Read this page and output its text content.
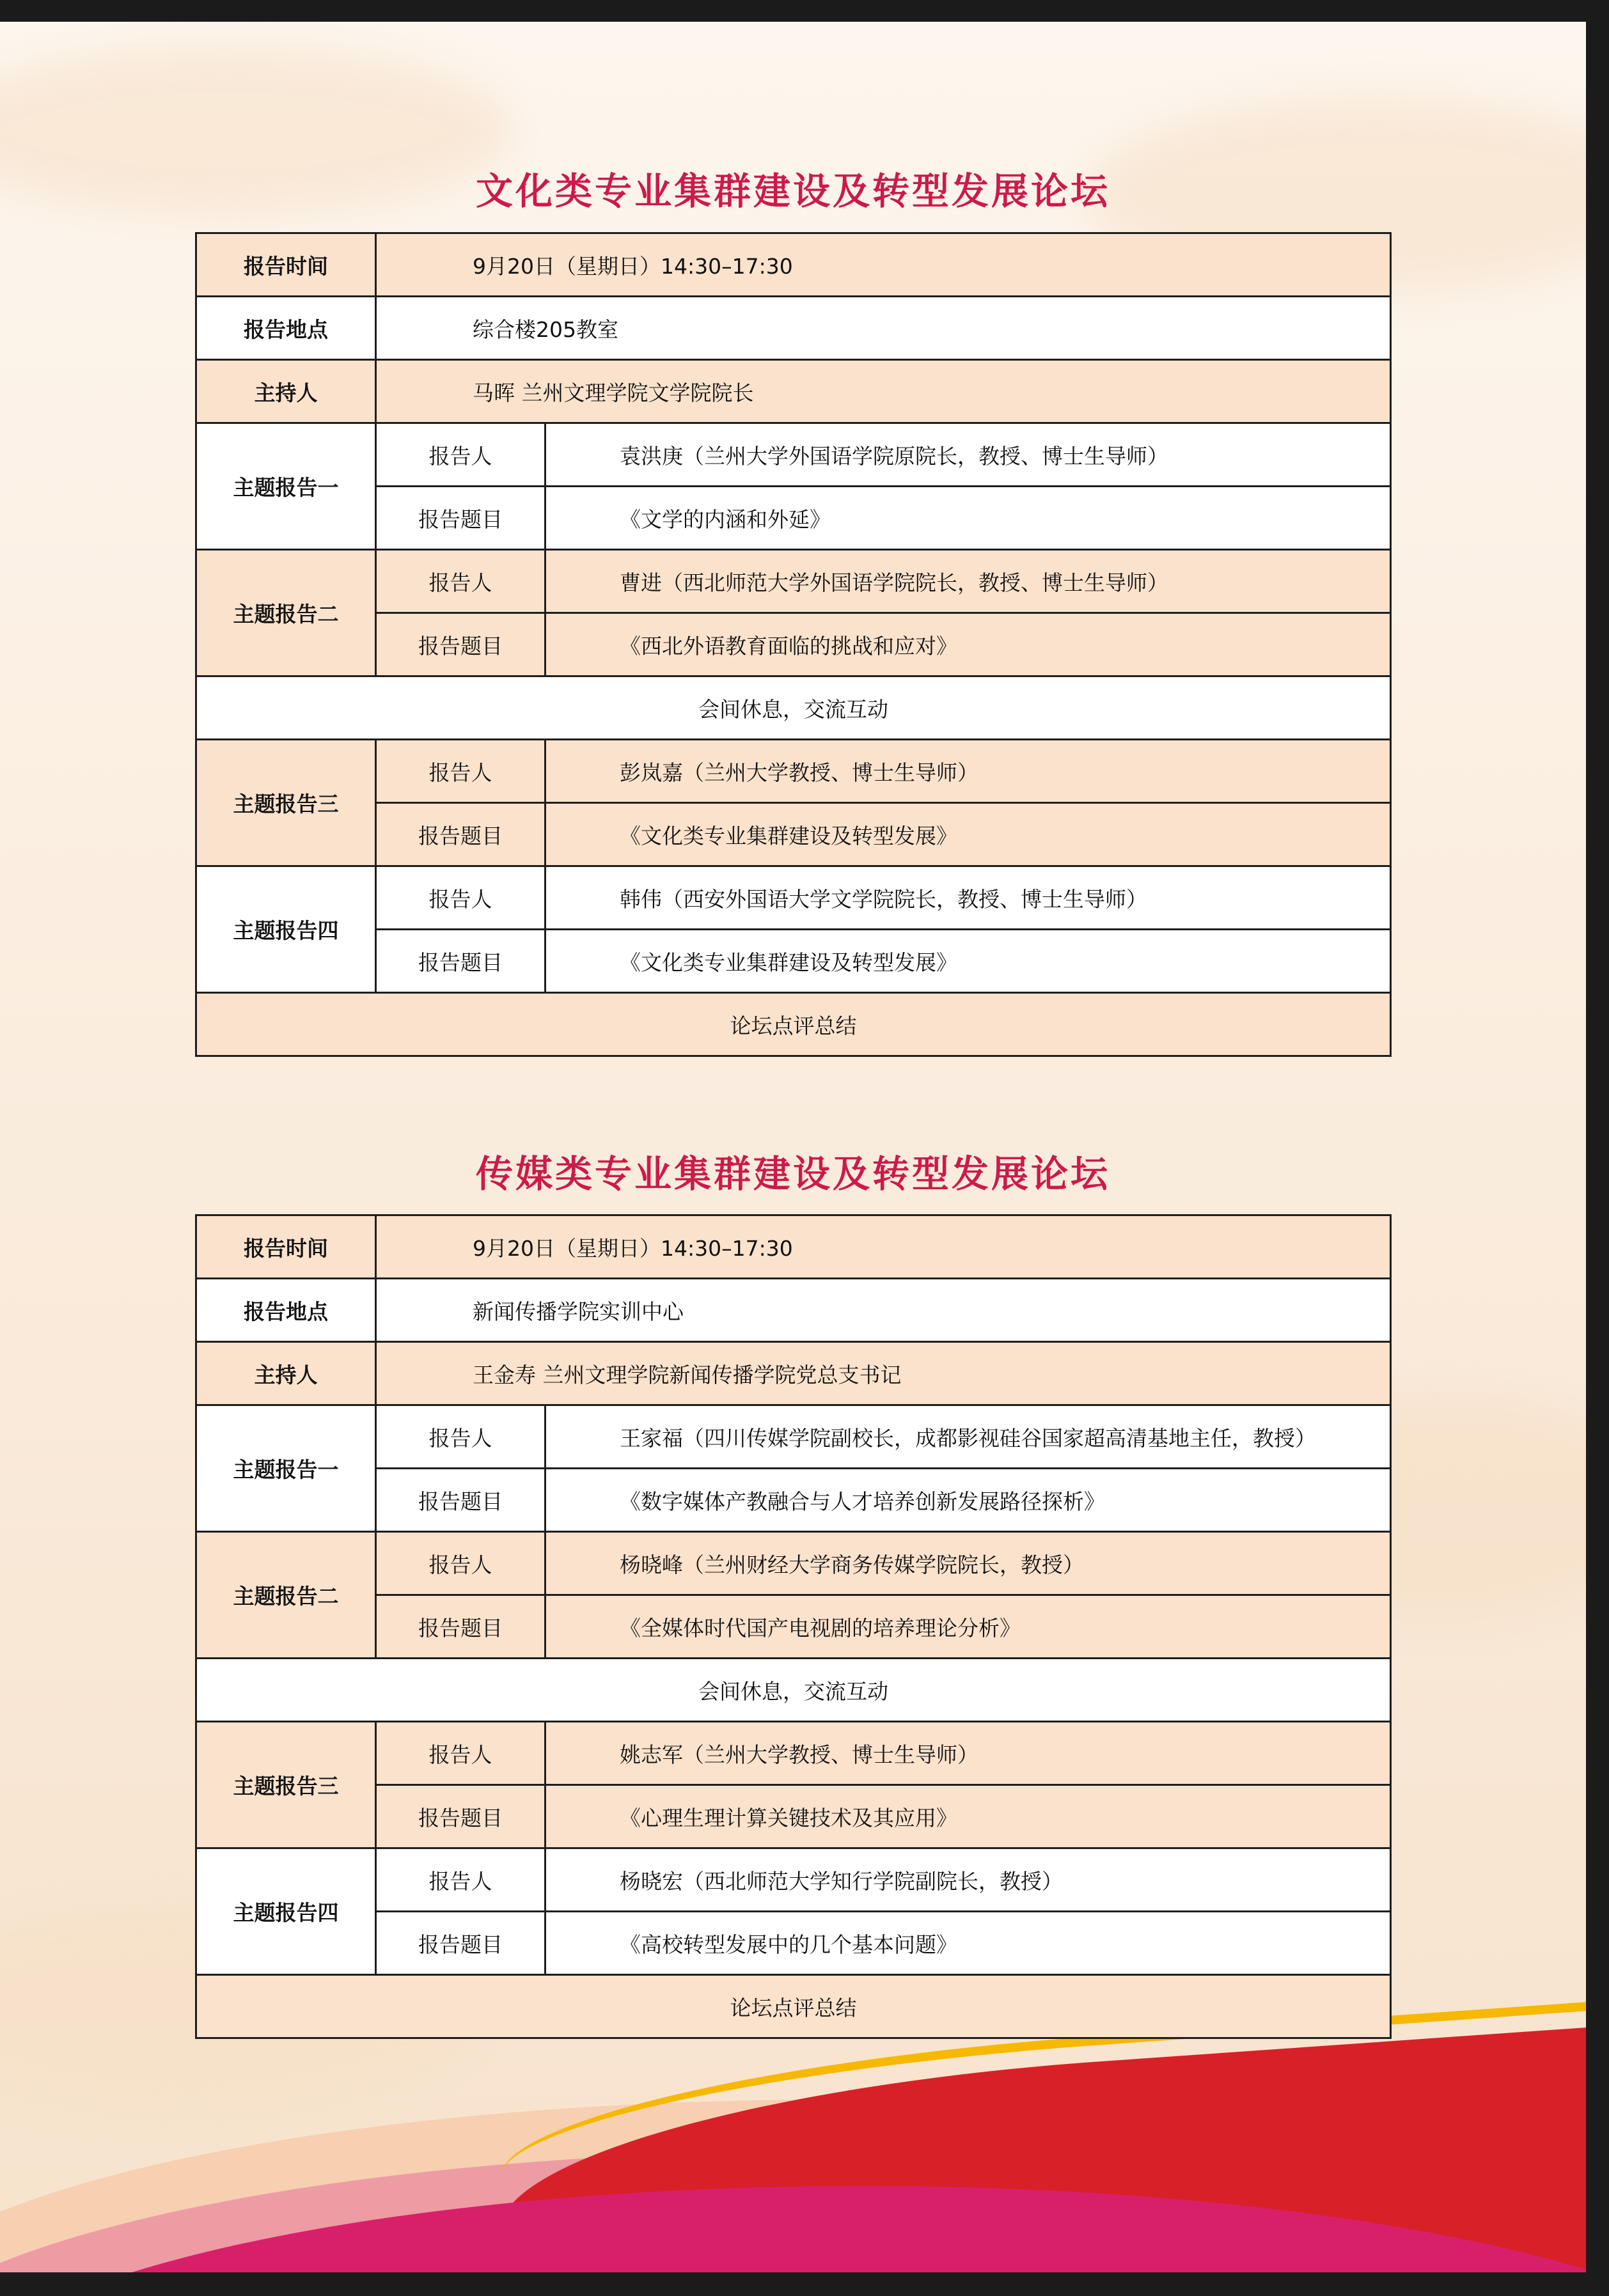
文化类专业集群建设及转型发展论坛
报告时间	9月20日（星期日）14:30–17:30	
报告地点	综合楼205教室	
主持人	马晖 兰州文理学院文学院院长	
主题报告一	报告人	袁洪庚（兰州大学外国语学院原院长，教授、博士生导师）
	报告题目	《文学的内涵和外延》
主题报告二	报告人	曹进（西北师范大学外国语学院院长，教授、博士生导师）
	报告题目	《西北外语教育面临的挑战和应对》
会间休息，交流互动		
主题报告三	报告人	彭岚嘉（兰州大学教授、博士生导师）
	报告题目	《文化类专业集群建设及转型发展》
主题报告四	报告人	韩伟（西安外国语大学文学院院长，教授、博士生导师）
	报告题目	《文化类专业集群建设及转型发展》
论坛点评总结		
传媒类专业集群建设及转型发展论坛
报告时间	9月20日（星期日）14:30–17:30	
报告地点	新闻传播学院实训中心	
主持人	王金寿 兰州文理学院新闻传播学院党总支书记	
主题报告一	报告人	王家福（四川传媒学院副校长，成都影视硅谷国家超高清基地主任，教授）
	报告题目	《数字媒体产教融合与人才培养创新发展路径探析》
主题报告二	报告人	杨晓峰（兰州财经大学商务传媒学院院长，教授）
	报告题目	《全媒体时代国产电视剧的培养理论分析》
会间休息，交流互动		
主题报告三	报告人	姚志军（兰州大学教授、博士生导师）
	报告题目	《心理生理计算关键技术及其应用》
主题报告四	报告人	杨晓宏（西北师范大学知行学院副院长，教授）
	报告题目	《高校转型发展中的几个基本问题》
论坛点评总结		
